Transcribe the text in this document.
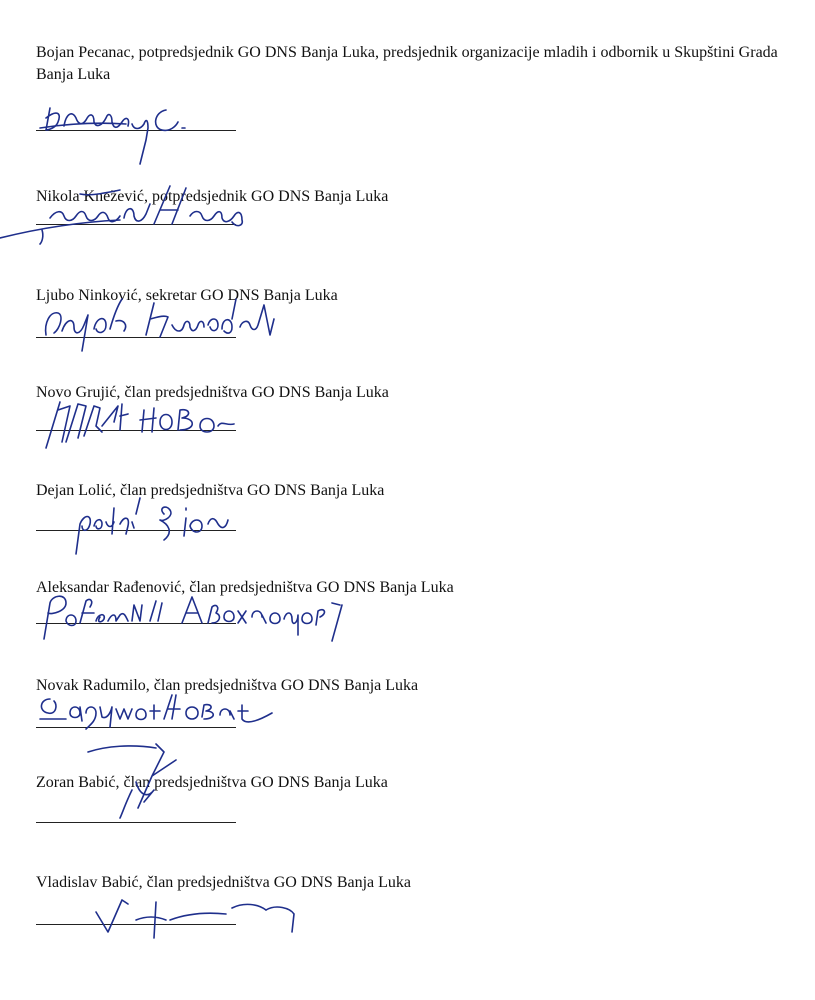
Bojan Pecanac, potpredsjednik GO DNS Banja Luka, predsjednik organizacije mladih i odbornik u Skupštini Grada Banja Luka

Nikola Knežević, potpredsjednik GO DNS Banja Luka

Ljubo Ninković, sekretar GO DNS Banja Luka

Novo Grujić, član predsjedništva GO DNS Banja Luka

Dejan Lolić, član predsjedništva GO DNS Banja Luka

Aleksandar Rađenović, član predsjedništva GO DNS Banja Luka

Novak Radumilo, član predsjedništva GO DNS Banja Luka

Zoran Babić, član predsjedništva GO DNS Banja Luka

Vladislav Babić, član predsjedništva GO DNS Banja Luka
